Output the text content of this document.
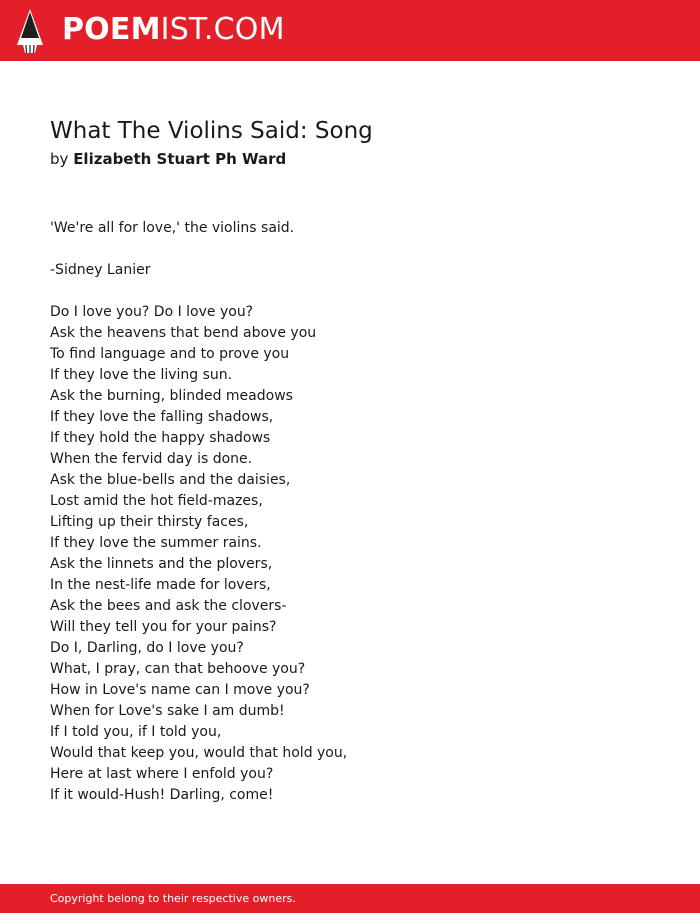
POEMIST.COM
What The Violins Said: Song
by Elizabeth Stuart Ph Ward
'We're all for love,' the violins said.
-Sidney Lanier
Do I love you? Do I love you?
Ask the heavens that bend above you
To find language and to prove you
If they love the living sun.
Ask the burning, blinded meadows
If they love the falling shadows,
If they hold the happy shadows
When the fervid day is done.
Ask the blue-bells and the daisies,
Lost amid the hot field-mazes,
Lifting up their thirsty faces,
If they love the summer rains.
Ask the linnets and the plovers,
In the nest-life made for lovers,
Ask the bees and ask the clovers-
Will they tell you for your pains?
Do I, Darling, do I love you?
What, I pray, can that behoove you?
How in Love's name can I move you?
When for Love's sake I am dumb!
If I told you, if I told you,
Would that keep you, would that hold you,
Here at last where I enfold you?
If it would-Hush! Darling, come!
Copyright belong to their respective owners.
